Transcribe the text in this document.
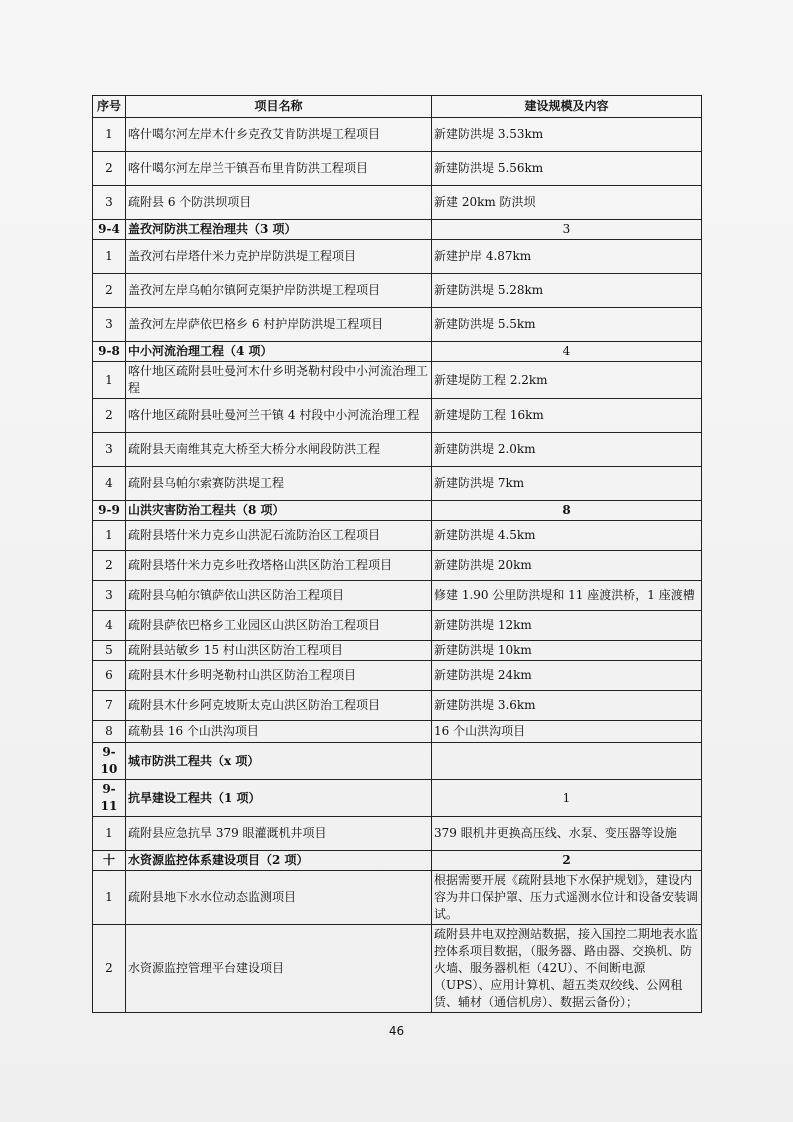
序号	项目名称	建设规模及内容
1	喀什噶尔河左岸木什乡克孜艾肯防洪堤工程项目	新建防洪堤 3.53km
2	喀什噶尔河左岸兰干镇吾布里肯防洪工程项目	新建防洪堤 5.56km
3	疏附县 6 个防洪坝项目	新建 20km 防洪坝
9-4	盖孜河防洪工程治理共（3 项）	3
1	盖孜河右岸塔什米力克护岸防洪堤工程项目	新建护岸 4.87km
2	盖孜河左岸乌帕尔镇阿克渠护岸防洪堤工程项目	新建防洪堤 5.28km
3	盖孜河左岸萨依巴格乡 6 村护岸防洪堤工程项目	新建防洪堤 5.5km
9-8	中小河流治理工程（4 项）	4
1	喀什地区疏附县吐曼河木什乡明尧勒村段中小河流治理工程	新建堤防工程 2.2km
2	喀什地区疏附县吐曼河兰干镇 4 村段中小河流治理工程	新建堤防工程 16km
3	疏附县天南维其克大桥至大桥分水闸段防洪工程	新建防洪堤 2.0km
4	疏附县乌帕尔索赛防洪堤工程	新建防洪堤 7km
9-9	山洪灾害防治工程共（8 项）	8
1	疏附县塔什米力克乡山洪泥石流防治区工程项目	新建防洪堤 4.5km
2	疏附县塔什米力克乡吐孜塔格山洪区防治工程项目	新建防洪堤 20km
3	疏附县乌帕尔镇萨依山洪区防治工程项目	修建 1.90 公里防洪堤和 11 座渡洪桥，1 座渡槽
4	疏附县萨依巴格乡工业园区山洪区防治工程项目	新建防洪堤 12km
5	疏附县站敏乡 15 村山洪区防治工程项目	新建防洪堤 10km
6	疏附县木什乡明尧勒村山洪区防治工程项目	新建防洪堤 24km
7	疏附县木什乡阿克坡斯太克山洪区防治工程项目	新建防洪堤 3.6km
8	疏勒县 16 个山洪沟项目	16 个山洪沟项目
9-10	城市防洪工程共（x 项）	
9-11	抗旱建设工程共（1 项）	1
1	疏附县应急抗旱 379 眼灌溉机井项目	379 眼机井更换高压线、水泵、变压器等设施
十	水资源监控体系建设项目（2 项）	2
1	疏附县地下水水位动态监测项目	根据需要开展《疏附县地下水保护规划》，建设内容为井口保护罩、压力式遥测水位计和设备安装调试。
2	水资源监控管理平台建设项目	疏附县井电双控测站数据，接入国控二期地表水监控体系项目数据，（服务器、路由器、交换机、防火墙、服务器机柜（42U）、不间断电源（UPS）、应用计算机、超五类双绞线、公网租赁、辅材（通信机房）、数据云备份）；
46
